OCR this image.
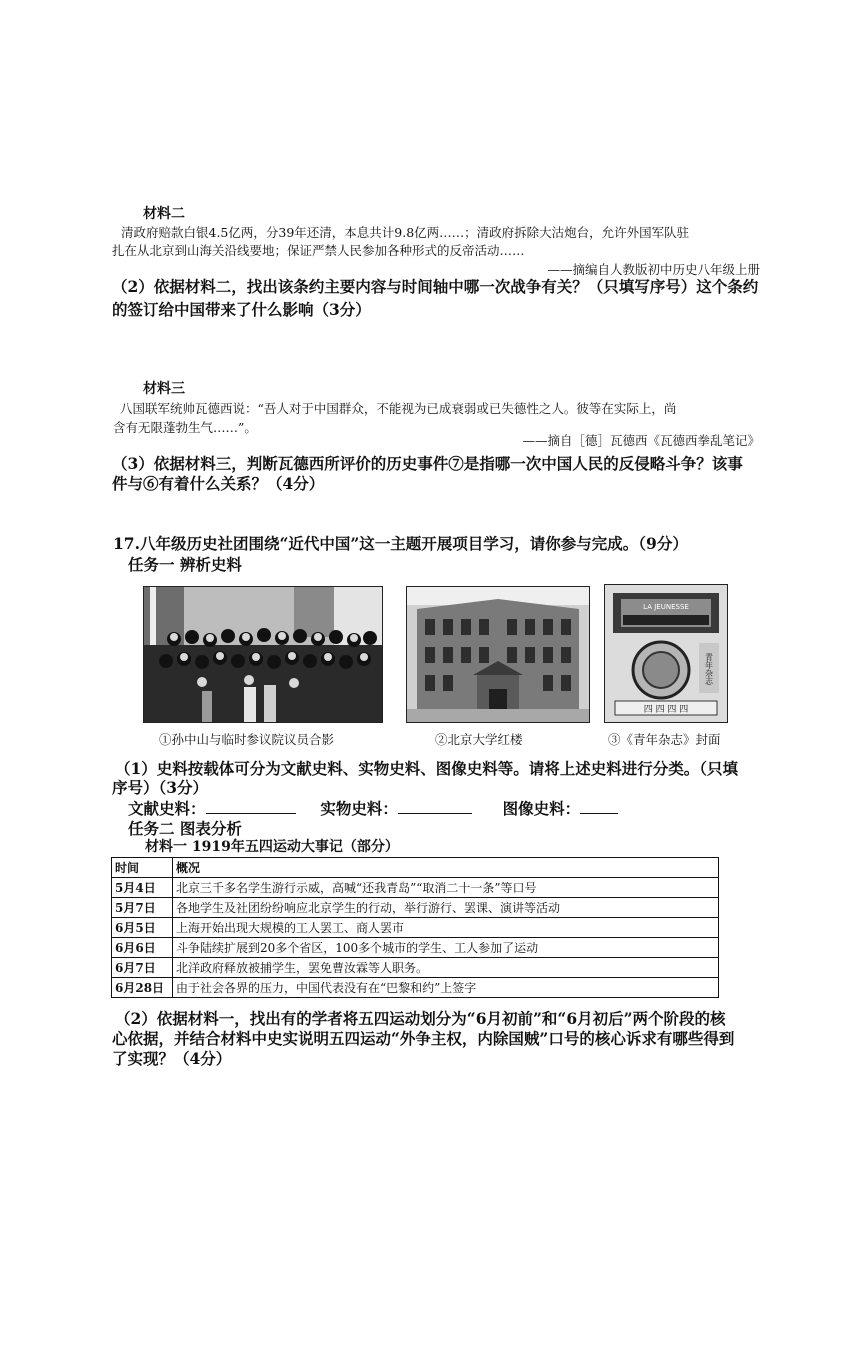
材料二
清政府赔款白银4.5亿两，分39年还清，本息共计9.8亿两……；清政府拆除大沽炮台，允许外国军队驻
扎在从北京到山海关沿线要地；保证严禁人民参加各种形式的反帝活动……
——摘编自人教版初中历史八年级上册
（2）依据材料二，找出该条约主要内容与时间轴中哪一次战争有关？（只填写序号）这个条约
的签订给中国带来了什么影响（3分）
材料三
八国联军统帅瓦德西说：“吾人对于中国群众，不能视为已成衰弱或已失德性之人。彼等在实际上，尚
含有无限蓬勃生气……”。
——摘自［德］瓦德西《瓦德西拳乱笔记》
（3）依据材料三，判断瓦德西所评价的历史事件⑦是指哪一次中国人民的反侵略斗争？该事
件与⑥有着什么关系？（4分）
17.八年级历史社团围绕“近代中国”这一主题开展项目学习，请你参与完成。（9分）
任务一 辨析史料
①孙中山与临时参议院议员合影	②北京大学红楼
LA JEUNESSE
青年杂志
四 四 四 四
③《青年杂志》封面
（1）史料按载体可分为文献史料、实物史料、图像史料等。请将上述史料进行分类。（只填
序号）（3分）
文献史料：	实物史料：	图像史料：
任务二 图表分析
材料一 1919年五四运动大事记（部分）
时间	概况
5月4日	北京三千多名学生游行示威，高喊“还我青岛”“取消二十一条”等口号
5月7日	各地学生及社团纷纷响应北京学生的行动，举行游行、罢课、演讲等活动
6月5日	上海开始出现大规模的工人罢工、商人罢市
6月6日	斗争陆续扩展到20多个省区，100多个城市的学生、工人参加了运动
6月7日	北洋政府释放被捕学生，罢免曹汝霖等人职务。
6月28日	由于社会各界的压力，中国代表没有在“巴黎和约”上签字
（2）依据材料一，找出有的学者将五四运动划分为“6月初前”和“6月初后”两个阶段的核
心依据，并结合材料中史实说明五四运动“外争主权，内除国贼”口号的核心诉求有哪些得到
了实现？（4分）
